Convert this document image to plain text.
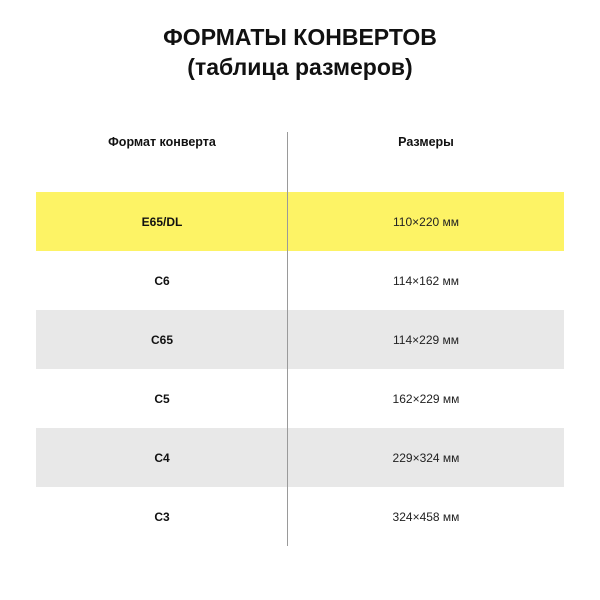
ФОРМАТЫ КОНВЕРТОВ
(таблица размеров)
Формат конверта	Размеры
E65/DL	110×220 мм
C6	114×162 мм
C65	114×229 мм
C5	162×229 мм
C4	229×324 мм
C3	324×458 мм
